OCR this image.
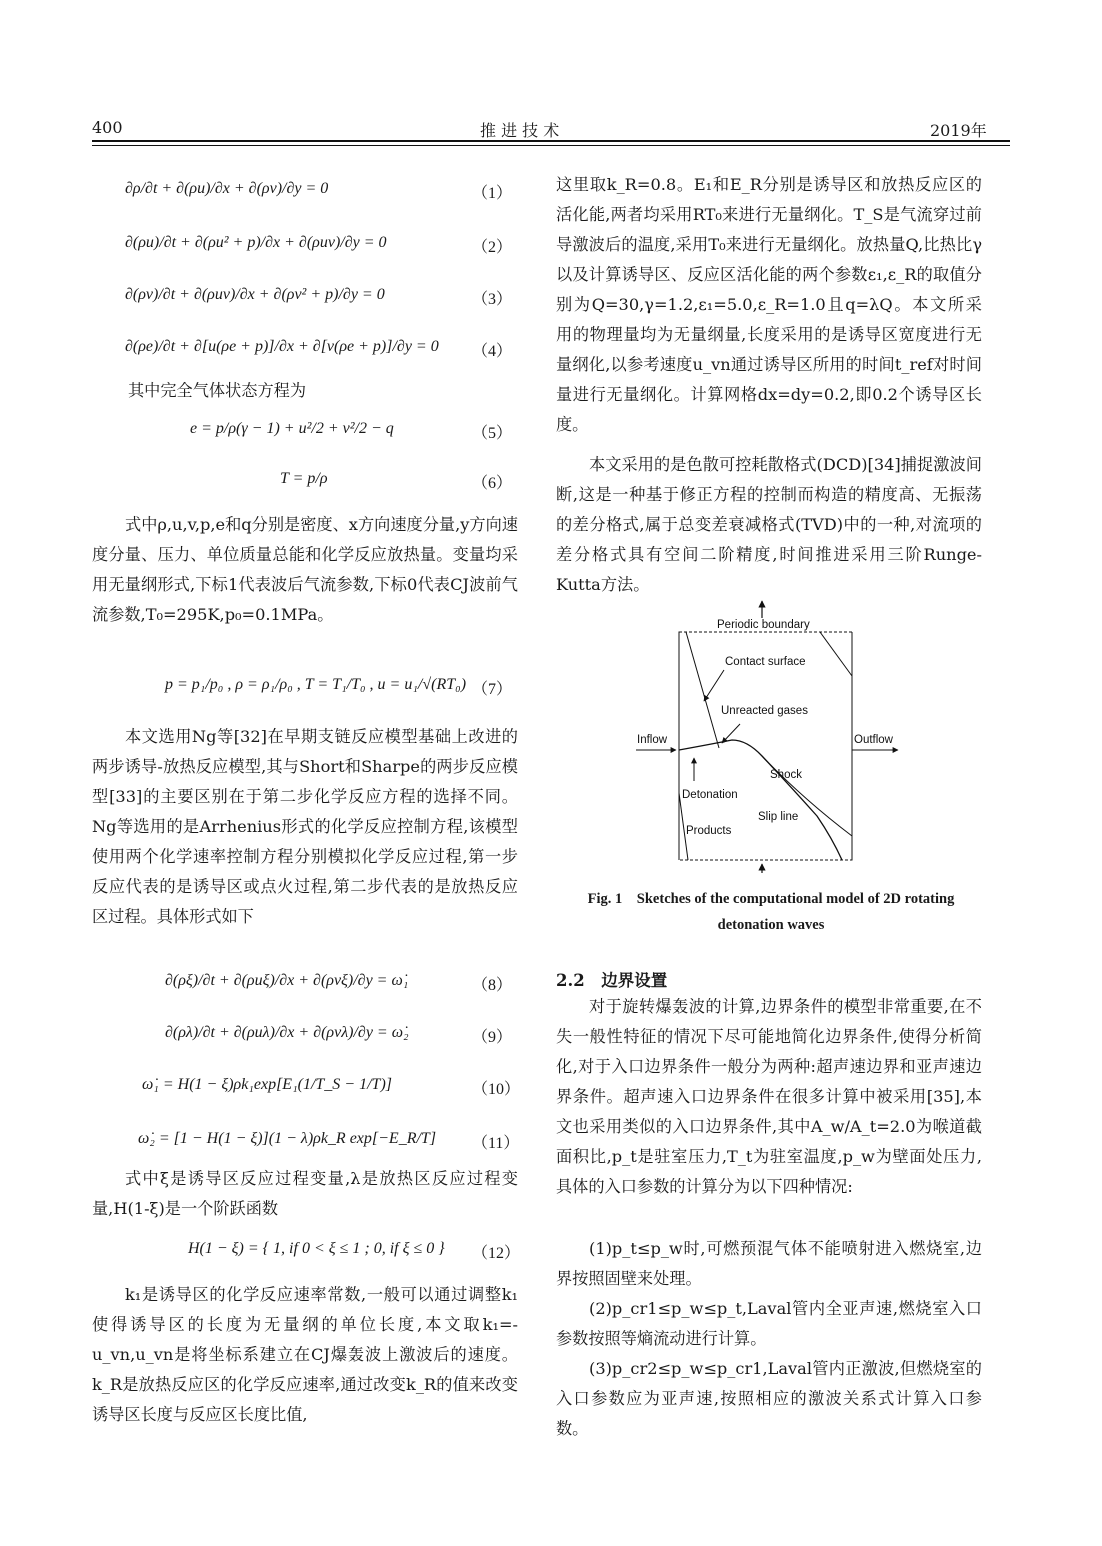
400	推 进 技 术	2019年
∂ρ/∂t + ∂(ρu)/∂x + ∂(ρv)/∂y = 0	（1）
∂(ρu)/∂t + ∂(ρu² + p)/∂x + ∂(ρuv)/∂y = 0	（2）
∂(ρv)/∂t + ∂(ρuv)/∂x + ∂(ρv² + p)/∂y = 0	（3）
∂(ρe)/∂t + ∂[u(ρe + p)]/∂x + ∂[v(ρe + p)]/∂y = 0 （4）

其中完全气体状态方程为

e = p/ρ(γ − 1) + u²/2 + v²/2 − q	（5）
T = p/ρ	（6）

式中ρ,u,v,p,e和q分别是密度、x方向速度分量,y方向速度分量、压力、单位质量总能和化学反应放热量。变量均采用无量纲形式,下标1代表波后气流参数,下标0代表CJ波前气流参数,T₀=295K,p₀=0.1MPa。

p = p₁/p₀ , ρ = ρ₁/ρ₀ , T = T₁/T₀ , u = u₁/√(RT₀) （7）

本文选用Ng等[32]在早期支链反应模型基础上改进的两步诱导-放热反应模型,其与Short和Sharpe的两步反应模型[33]的主要区别在于第二步化学反应方程的选择不同。Ng等选用的是Arrhenius形式的化学反应控制方程,该模型使用两个化学速率控制方程分别模拟化学反应过程,第一步反应代表的是诱导区或点火过程,第二步代表的是放热反应区过程。具体形式如下

∂(ρξ)/∂t + ∂(ρuξ)/∂x + ∂(ρvξ)/∂y = ω̇₁	（8）
∂(ρλ)/∂t + ∂(ρuλ)/∂x + ∂(ρvλ)/∂y = ω̇₂	（9）
ω̇₁ = H(1 − ξ)ρk₁exp[E₁(1/T_S − 1/T)]	（10）
ω̇₂ = [1 − H(1 − ξ)](1 − λ)ρk_R exp[−E_R/T] （11）

式中ξ是诱导区反应过程变量,λ是放热区反应过程变量,H(1-ξ)是一个阶跃函数

H(1 − ξ) = { 1, if 0 < ξ ≤ 1 ; 0, if ξ ≤ 0 } （12）

k₁是诱导区的化学反应速率常数,一般可以通过调整k₁使得诱导区的长度为无量纲的单位长度,本文取k₁=-u_vn,u_vn是将坐标系建立在CJ爆轰波上激波后的速度。k_R是放热反应区的化学反应速率,通过改变k_R的值来改变诱导区长度与反应区长度比值,

这里取k_R=0.8。E₁和E_R分别是诱导区和放热反应区的活化能,两者均采用RT₀来进行无量纲化。T_S是气流穿过前导激波后的温度,采用T₀来进行无量纲化。放热量Q,比热比γ以及计算诱导区、反应区活化能的两个参数ε₁,ε_R的取值分别为Q=30,γ=1.2,ε₁=5.0,ε_R=1.0且q=λQ。本文所采用的物理量均为无量纲量,长度采用的是诱导区宽度进行无量纲化,以参考速度u_vn通过诱导区所用的时间t_ref对时间量进行无量纲化。计算网格dx=dy=0.2,即0.2个诱导区长度。

本文采用的是色散可控耗散格式(DCD)[34]捕捉激波间断,这是一种基于修正方程的控制而构造的精度高、无振荡的差分格式,属于总变差衰减格式(TVD)中的一种,对流项的差分格式具有空间二阶精度,时间推进采用三阶Runge-Kutta方法。

Periodic boundary
Contact surface
Unreacted gases
Inflow	Outflow
Shock
Detonation
Slip line
Products
Fig. 1　Sketches of the computational model of 2D rotating
detonation waves
2.2　边界设置

对于旋转爆轰波的计算,边界条件的模型非常重要,在不失一般性特征的情况下尽可能地简化边界条件,使得分析简化,对于入口边界条件一般分为两种:超声速边界和亚声速边界条件。超声速入口边界条件在很多计算中被采用[35],本文也采用类似的入口边界条件,其中A_w/A_t=2.0为喉道截面积比,p_t是驻室压力,T_t为驻室温度,p_w为壁面处压力,具体的入口参数的计算分为以下四种情况:

(1)p_t≤p_w时,可燃预混气体不能喷射进入燃烧室,边界按照固壁来处理。

(2)p_cr1≤p_w≤p_t,Laval管内全亚声速,燃烧室入口参数按照等熵流动进行计算。

(3)p_cr2≤p_w≤p_cr1,Laval管内正激波,但燃烧室的入口参数应为亚声速,按照相应的激波关系式计算入口参数。
